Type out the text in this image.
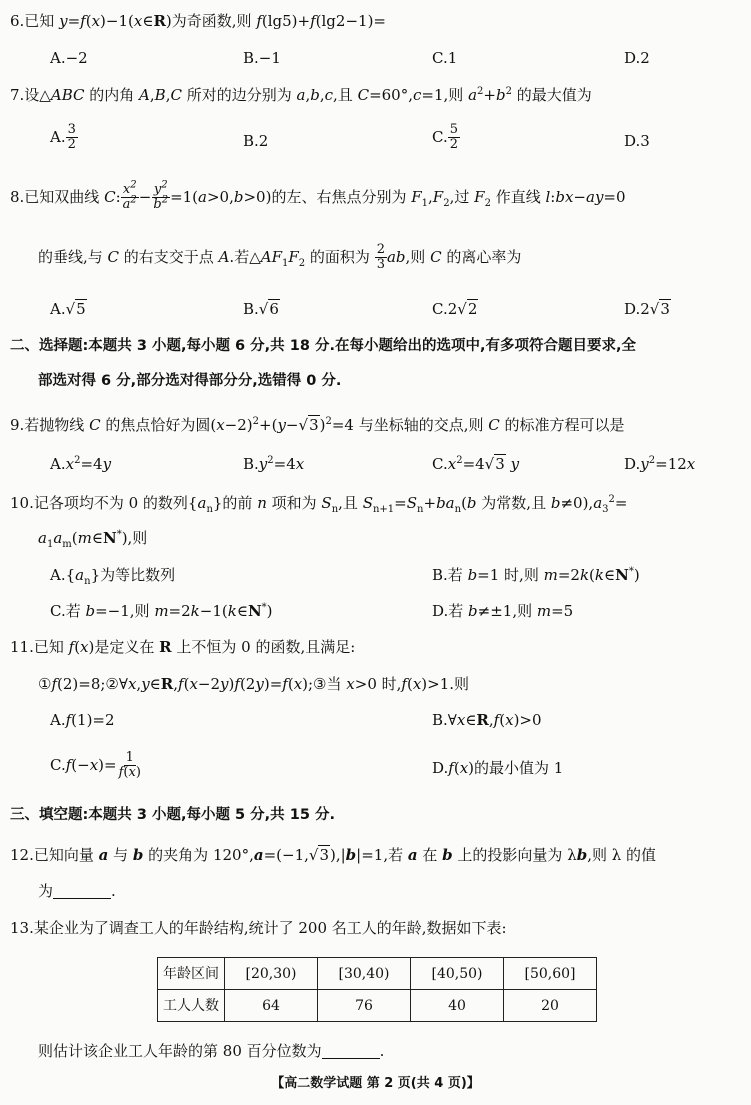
6.已知 y=f(x)−1(x∈R)为奇函数,则 f(lg5)+f(lg2−1)=
A.−2	B.−1	C.1	D.2
7.设△ABC 的内角 A,B,C 所对的边分别为 a,b,c,且 C=60°,c=1,则 $a^2+b^2$ 的最大值为
A. $\frac{3}{2}$	B.2	C. $\frac{5}{2}$	D.3
8.已知双曲线 C: $\frac{x^2}{a^2} - \frac{y^2}{b^2} =1(a>0,b>0)$的左、右焦点分别为 $F_1,F_2$,过 $F_2$ 作直线 l:bx−ay=0
的垂线,与 C 的右支交于点 A.若$\triangle AF_1F_2$ 的面积为 $\frac{2}{3}$ ab,则 C 的离心率为
A.√5	B.√6	C.2√2	D.2√3
二、选择题:本题共 3 小题,每小题 6 分,共 18 分.在每小题给出的选项中,有多项符合题目要求,全
部选对得 6 分,部分选对得部分分,选错得 0 分.
9.若抛物线 C 的焦点恰好为圆$(x-2)^2+(y-√3)^2=4$ 与坐标轴的交点,则 C 的标准方程可以是
$A.x^2=4y$	$B.y^2=4x$	$C.x^2=4√3$ y	$D.y^2=12x$
10.记各项均不为 0 的数列$\{a_n\}$的前 n 项和为 $S_n$,且 $S_{n+1}=S_n+ba_n(b$ 为常数,且 $b\ne 0),a_3^2=$
$a_1a_m(m\in N^*)$,则
$A.\{a_n\}$为等比数列	B.若 b=1 时,则 m=2k(k∈N*)
C.若 b=−1,则 m=2k−1(k∈N*)	D.若 b≠±1,则 m=5
11.已知 f(x)是定义在 R 上不恒为 0 的函数,且满足:
①f(2)=8;②∀x,y∈R,f(x−2y)f(2y)=f(x);③当 x>0 时,f(x)>1.则
A.f(1)=2	B.∀x∈R,f(x)>0
$C.f(-x)= \frac{1}{f(x)}$	D.f(x)的最小值为 1
三、填空题:本题共 3 小题,每小题 5 分,共 15 分.
12.已知向量 a 与 b 的夹角为 120°,a=(−1,√3),|b|=1,若 a 在 b 上的投影向量为 λb,则 λ 的值
为	.
13.某企业为了调查工人的年龄结构,统计了 200 名工人的年龄,数据如下表:
年龄区间	[20,30)	[30,40)	[40,50)	[50,60]
工人人数	64	76	40	20
则估计该企业工人年龄的第 80 百分位数为	.
【高二数学试题 第 2 页(共 4 页)】
